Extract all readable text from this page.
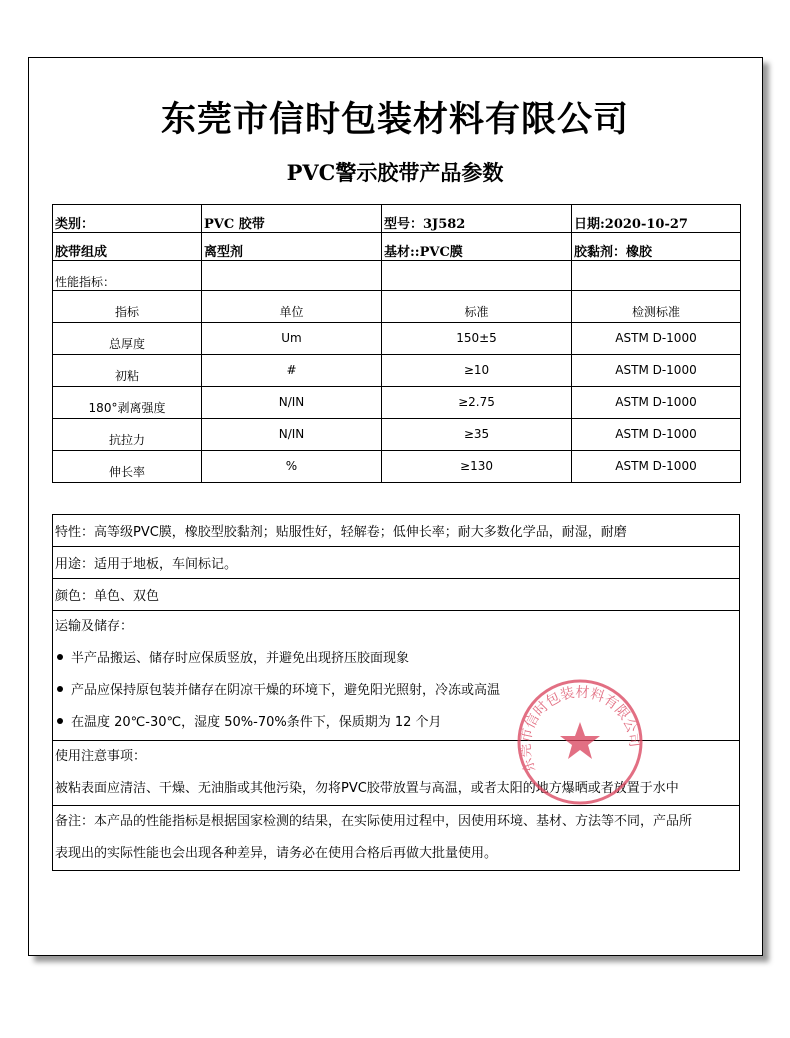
东莞市信时包装材料有限公司
PVC警示胶带产品参数
类别：	PVC 胶带	型号：3J582	日期:2020-10-27
胶带组成	离型剂	基材::PVC膜	胶黏剂：橡胶
性能指标：			
指标	单位	标准	检测标准
总厚度	Um	150±5	ASTM D-1000
初粘	#	≥10	ASTM D-1000
180°剥离强度	N/IN	≥2.75	ASTM D-1000
抗拉力	N/IN	≥35	ASTM D-1000
伸长率	%	≥130	ASTM D-1000
特性：高等级PVC膜，橡胶型胶黏剂；贴服性好，轻解卷；低伸长率；耐大多数化学品，耐湿，耐磨
用途：适用于地板，车间标记。
颜色：单色、双色

运输及储存：

半产品搬运、储存时应保质竖放，并避免出现挤压胶面现象

产品应保持原包装并储存在阴凉干燥的环境下，避免阳光照射，冷冻或高温

在温度 20℃-30℃，湿度 50%-70%条件下，保质期为 12 个月

使用注意事项：

被粘表面应清洁、干燥、无油脂或其他污染，勿将PVC胶带放置与高温，或者太阳的地方爆晒或者放置于水中

备注：本产品的性能指标是根据国家检测的结果，在实际使用过程中，因使用环境、基材、方法等不同，产品所

表现出的实际性能也会出现各种差异，请务必在使用合格后再做大批量使用。

东莞市信时包装材料有限公司
